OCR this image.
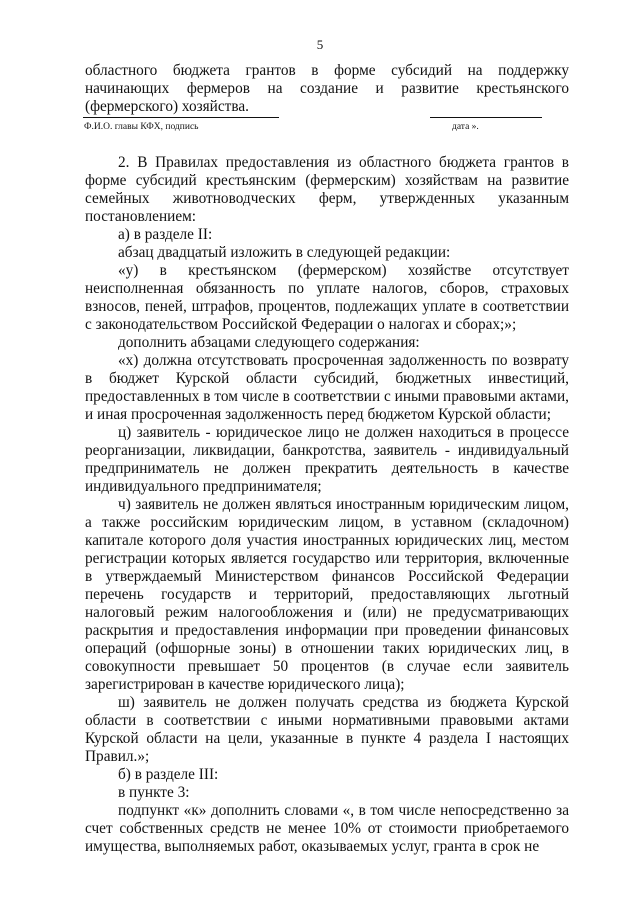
5

областного бюджета грантов в форме субсидий на поддержку начинающих фермеров на создание и развитие крестьянского (фермерского) хозяйства.

Ф.И.О. главы КФХ, подпись	дата ».

2. В Правилах предоставления из областного бюджета грантов в форме субсидий крестьянским (фермерским) хозяйствам на развитие семейных животноводческих ферм, утвержденных указанным постановлением:

а) в разделе II:

абзац двадцатый изложить в следующей редакции:

«у) в крестьянском (фермерском) хозяйстве отсутствует неисполненная обязанность по уплате налогов, сборов, страховых взносов, пеней, штрафов, процентов, подлежащих уплате в соответствии с законодательством Российской Федерации о налогах и сборах;»;

дополнить абзацами следующего содержания:

«х) должна отсутствовать просроченная задолженность по возврату в бюджет Курской области субсидий, бюджетных инвестиций, предоставленных в том числе в соответствии с иными правовыми актами, и иная просроченная задолженность перед бюджетом Курской области;

ц) заявитель - юридическое лицо не должен находиться в процессе реорганизации, ликвидации, банкротства, заявитель - индивидуальный предприниматель не должен прекратить деятельность в качестве индивидуального предпринимателя;

ч) заявитель не должен являться иностранным юридическим лицом, а также российским юридическим лицом, в уставном (складочном) капитале которого доля участия иностранных юридических лиц, местом регистрации которых является государство или территория, включенные в утверждаемый Министерством финансов Российской Федерации перечень государств и территорий, предоставляющих льготный налоговый режим налогообложения и (или) не предусматривающих раскрытия и предоставления информации при проведении финансовых операций (офшорные зоны) в отношении таких юридических лиц, в совокупности превышает 50 процентов (в случае если заявитель зарегистрирован в качестве юридического лица);

ш) заявитель не должен получать средства из бюджета Курской области в соответствии с иными нормативными правовыми актами Курской области на цели, указанные в пункте 4 раздела I настоящих Правил.»;

б) в разделе III:

в пункте 3:

подпункт «к» дополнить словами «, в том числе непосредственно за счет собственных средств не менее 10% от стоимости приобретаемого имущества, выполняемых работ, оказываемых услуг, гранта в срок не
